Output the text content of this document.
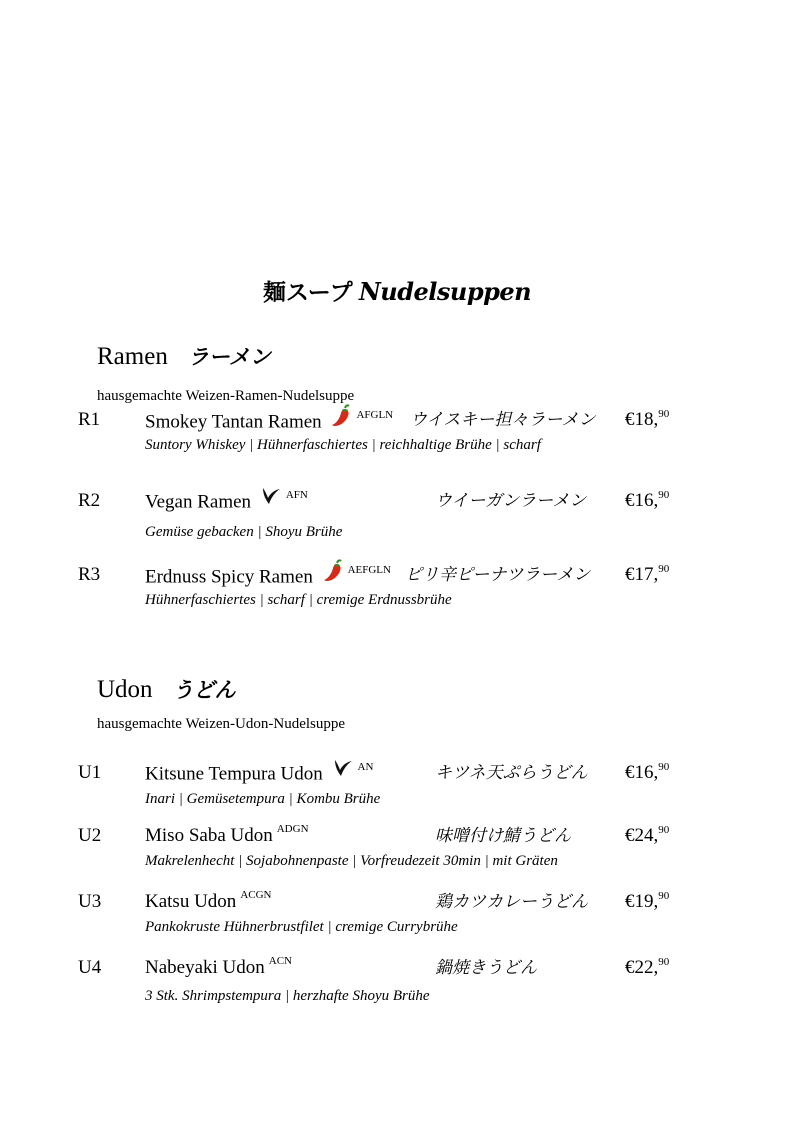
麺スープ Nudelsuppen
Ramen ラーメン
hausgemachte Weizen-Ramen-Nudelsuppe
R1 Smokey Tantan Ramen	$^{AFGLN}$ ウイスキー担々ラーメン €18,90
Suntory Whiskey | Hühnerfaschiertes | reichhaltige Brühe | scharf
R2 Vegan Ramen	$^{AFN}$	ウイーガンラーメン €16,90
Gemüse gebacken | Shoyu Brühe
R3 Erdnuss Spicy Ramen	$^{AEFGLN}$ ピリ辛ピーナツラーメン €17,90
Hühnerfaschiertes | scharf | cremige Erdnussbrühe
Udon うどん
hausgemachte Weizen-Udon-Nudelsuppe
U1 Kitsune Tempura Udon	$^{AN}$	キツネ天ぷらうどん €16,90
Inari | Gemüsetempura | Kombu Brühe
U2 Miso Saba Udon $^{ADGN}$	味噌付け鯖うどん	€24,90
Makrelenhecht | Sojabohnenpaste | Vorfreudezeit 30min | mit Gräten
U3 Katsu Udon $^{ACGN}$	鶏カツカレーうどん €19,90
Pankokruste Hühnerbrustfilet | cremige Currybrühe
U4 Nabeyaki Udon $^{ACN}$	鍋焼きうどん	€22,90
3 Stk. Shrimpstempura | herzhafte Shoyu Brühe
